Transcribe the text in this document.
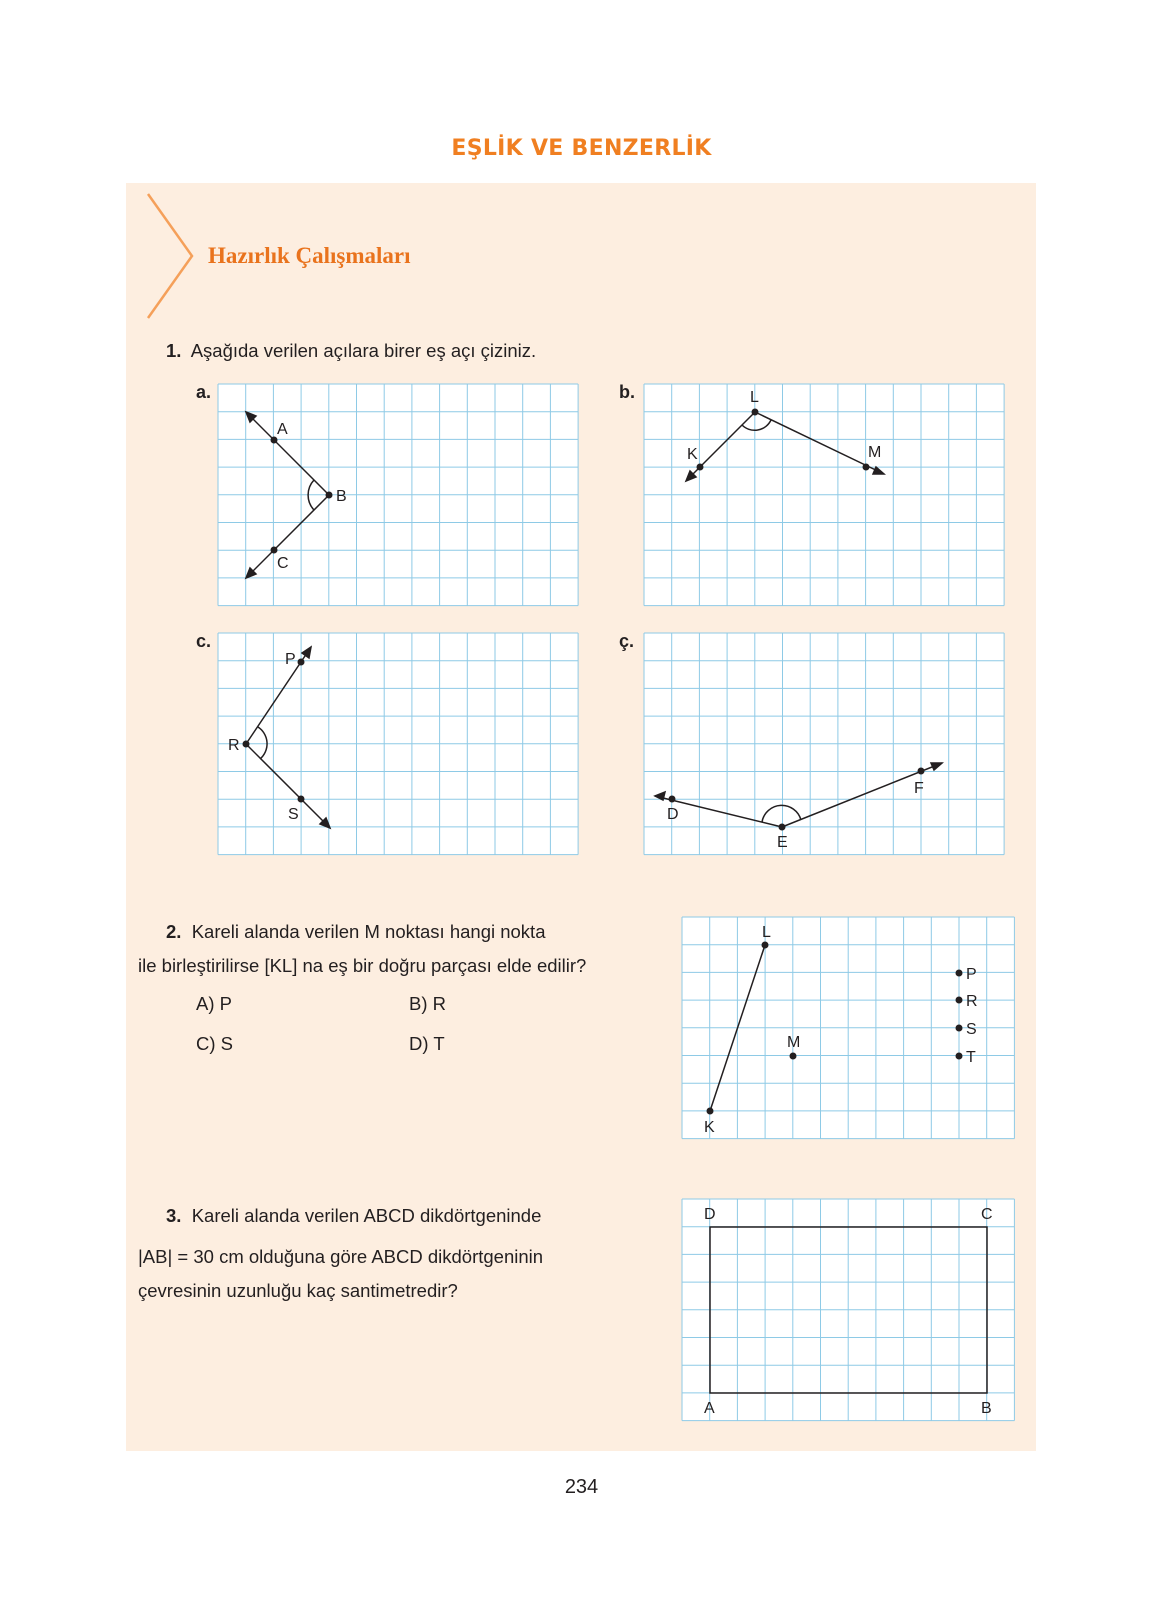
EŞLİK VE BENZERLİK
Hazırlık Çalışmaları
1. Aşağıda verilen açılara birer eş açı çiziniz.
a.	b.
c.	ç.
A
B
C
L
K	M
P
R
S	D
E
F
2. Kareli alanda verilen M noktası hangi nokta
ile birleştirilirse [KL] na eş bir doğru parçası elde edilir?
A) P	B) R
C) S	D) T
L
K
M
P
R
S
T
3. Kareli alanda verilen ABCD dikdörtgeninde
|AB| = 30 cm olduğuna göre ABCD dikdörtgeninin
çevresinin uzunluğu kaç santimetredir?
D	C
A	B
234
